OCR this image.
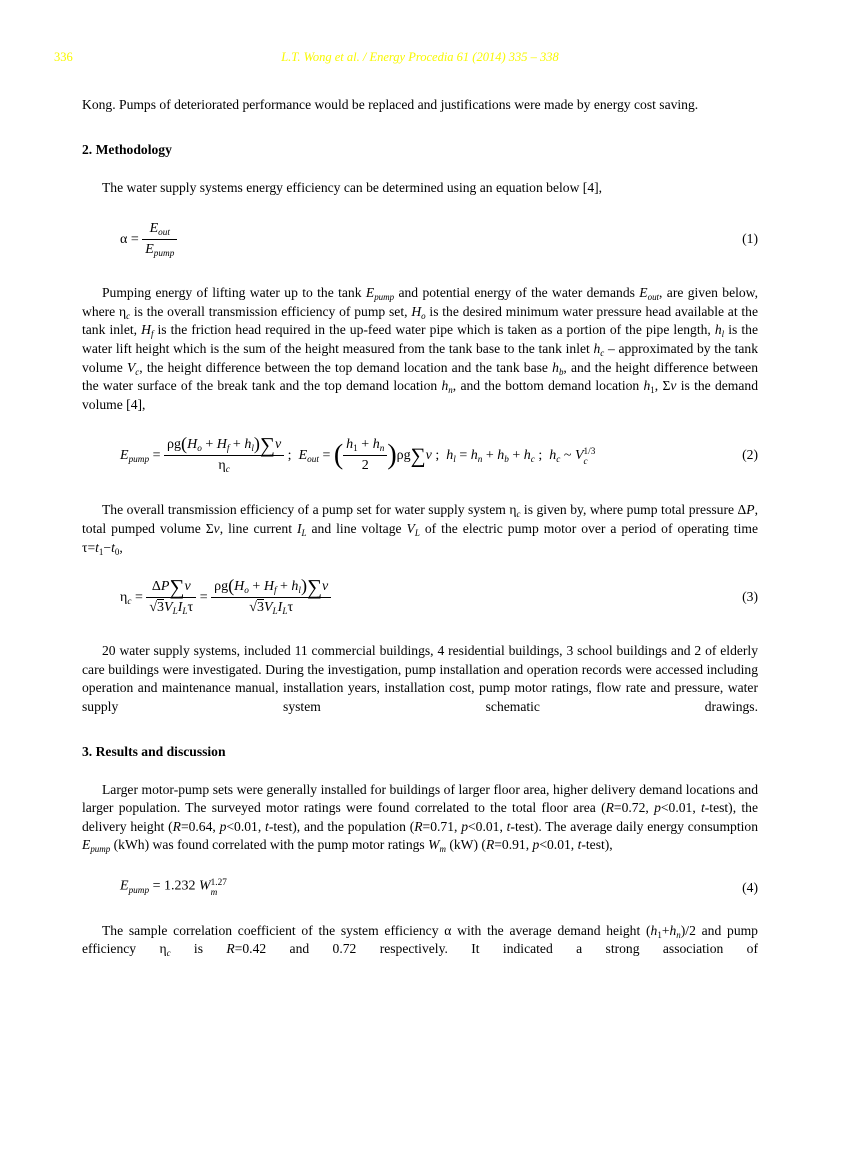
336	L.T. Wong et al. / Energy Procedia 61 (2014) 335 – 338

Kong. Pumps of deteriorated performance would be replaced and justifications were made by energy cost saving.

2. Methodology

The water supply systems energy efficiency can be determined using an equation below [4],

$\alpha = \frac{E_{out}}{E_{pump}}$	(1)

Pumping energy of lifting water up to the tank $E_{pump}$ and potential energy of the water demands $E_{out}$, are given below, where $\eta_c$ is the overall transmission efficiency of pump set, $H_o$ is the desired minimum water pressure head available at the tank inlet, $H_f$ is the friction head required in the up-feed water pipe which is taken as a portion of the pipe length, $h_l$ is the water lift height which is the sum of the height measured from the tank base to the tank inlet $h_c$ – approximated by the tank volume $V_c$, the height difference between the top demand location and the tank base $h_b$, and the height difference between the water surface of the break tank and the top demand location $h_n$, and the bottom demand location $h_1$, Σv is the demand volume [4],

$E_{pump} = \frac{\rho g(H_o + H_f + h_l)\sum v}{\eta_c}$ ;  $E_{out}$ = ( $\frac{h_1 + h_n}{2} )\rho g\sum v$ ;  $h_l = h_n + h_b + h_c$ ;  $h_c$ ~ V 1/3
c	(2)

The overall transmission efficiency of a pump set for water supply system $\eta_c$ is given by, where pump total pressure ΔP, total pumped volume Σv, line current $I_L$ and line voltage $V_L$ of the electric pump motor over a period of operating time $\tau=t_1-t_0$,

$\eta_c = \frac{\Delta P\sum v}{√3V_LI_L\tau} = \frac{\rho g(H_o + H_f + h_l)\sum v}{√3V_LI_L\tau}$	(3)

20 water supply systems, included 11 commercial buildings, 4 residential buildings, 3 school buildings and 2 of elderly care buildings were investigated. During the investigation, pump installation and operation records were accessed including operation and maintenance manual, installation years, installation cost, pump motor ratings, flow rate and pressure, water supply system schematic drawings.

3. Results and discussion

Larger motor-pump sets were generally installed for buildings of larger floor area, higher delivery demand locations and larger population. The surveyed motor ratings were found correlated to the total floor area (R=0.72, p<0.01, t-test), the delivery height (R=0.64, p<0.01, t-test), and the population (R=0.71, p<0.01, t-test). The average daily energy consumption $E_{pump}$ (kWh) was found correlated with the pump motor ratings $W_m$ (kW) (R=0.91, p<0.01, t-test),

$E_{pump} = 1.232$ W 1.27
m	(4)

The sample correlation coefficient of the system efficiency α with the average demand height $(h_1+h_n)/2$ and pump efficiency $\eta_c$ is R=0.42 and 0.72 respectively. It indicated a strong association of
